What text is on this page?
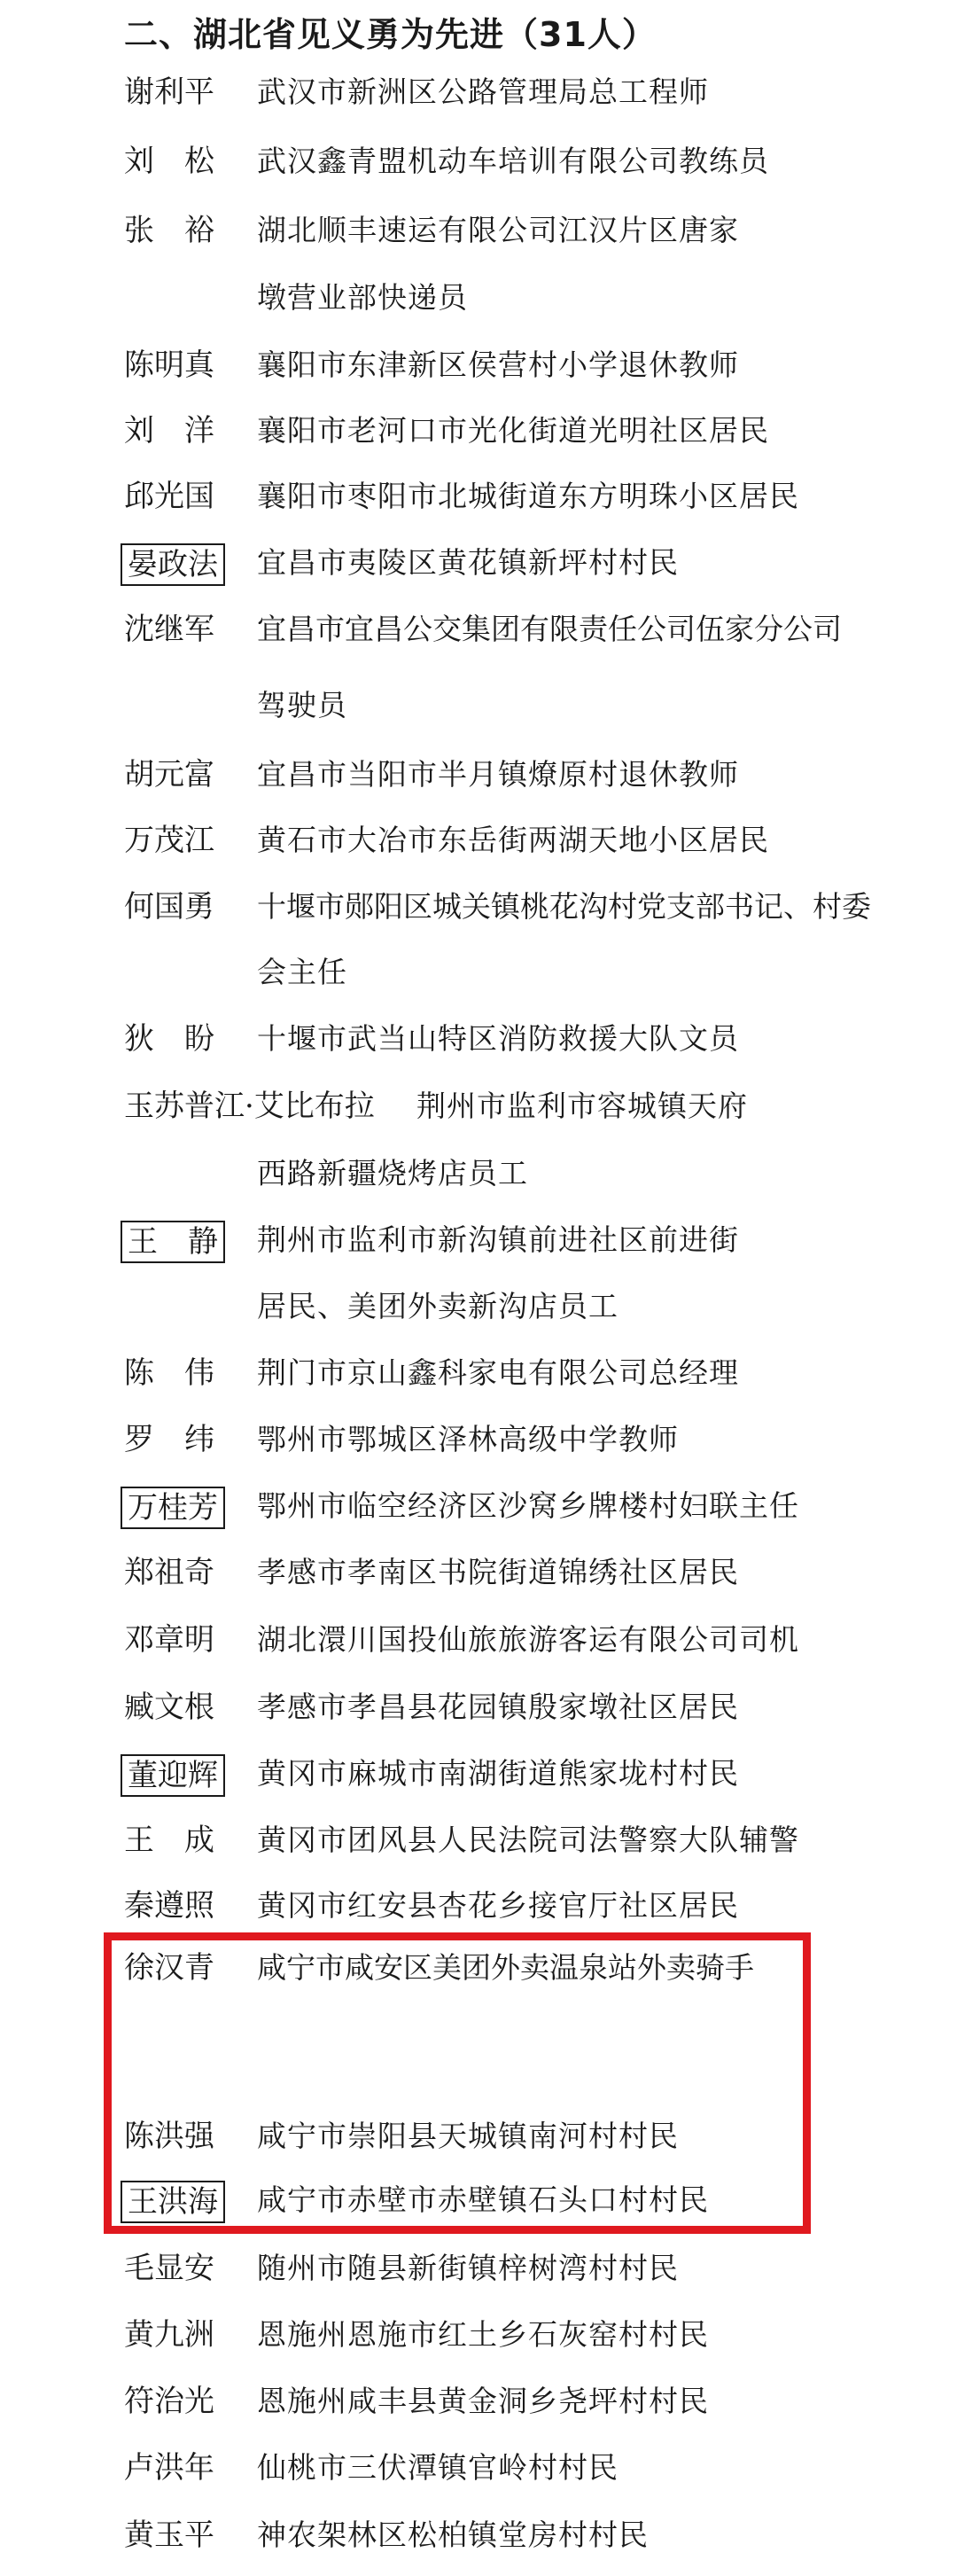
二、湖北省见义勇为先进（31人）
谢利平 武汉市新洲区公路管理局总工程师
刘　松 武汉鑫青盟机动车培训有限公司教练员
张　裕 湖北顺丰速运有限公司江汉片区唐家
墩营业部快递员
陈明真 襄阳市东津新区侯营村小学退休教师
刘　洋 襄阳市老河口市光化街道光明社区居民
邱光国 襄阳市枣阳市北城街道东方明珠小区居民
晏政法 宜昌市夷陵区黄花镇新坪村村民
沈继军 宜昌市宜昌公交集团有限责任公司伍家分公司
驾驶员
胡元富 宜昌市当阳市半月镇燎原村退休教师
万茂江 黄石市大冶市东岳街两湖天地小区居民
何国勇 十堰市郧阳区城关镇桃花沟村党支部书记、村委
会主任
狄　盼 十堰市武当山特区消防救援大队文员
玉苏普江·艾比布拉 荆州市监利市容城镇天府
西路新疆烧烤店员工
王　静 荆州市监利市新沟镇前进社区前进街
居民、美团外卖新沟店员工
陈　伟 荆门市京山鑫科家电有限公司总经理
罗　纬 鄂州市鄂城区泽林高级中学教师
万桂芳 鄂州市临空经济区沙窝乡牌楼村妇联主任
郑祖奇 孝感市孝南区书院街道锦绣社区居民
邓章明 湖北澴川国投仙旅旅游客运有限公司司机
臧文根 孝感市孝昌县花园镇殷家墩社区居民
董迎辉 黄冈市麻城市南湖街道熊家垅村村民
王　成 黄冈市团风县人民法院司法警察大队辅警
秦遵照 黄冈市红安县杏花乡接官厅社区居民
徐汉青 咸宁市咸安区美团外卖温泉站外卖骑手
陈洪强 咸宁市崇阳县天城镇南河村村民
王洪海 咸宁市赤壁市赤壁镇石头口村村民
毛显安 随州市随县新街镇梓树湾村村民
黄九洲 恩施州恩施市红土乡石灰窑村村民
符治光 恩施州咸丰县黄金洞乡尧坪村村民
卢洪年 仙桃市三伏潭镇官岭村村民
黄玉平 神农架林区松柏镇堂房村村民
